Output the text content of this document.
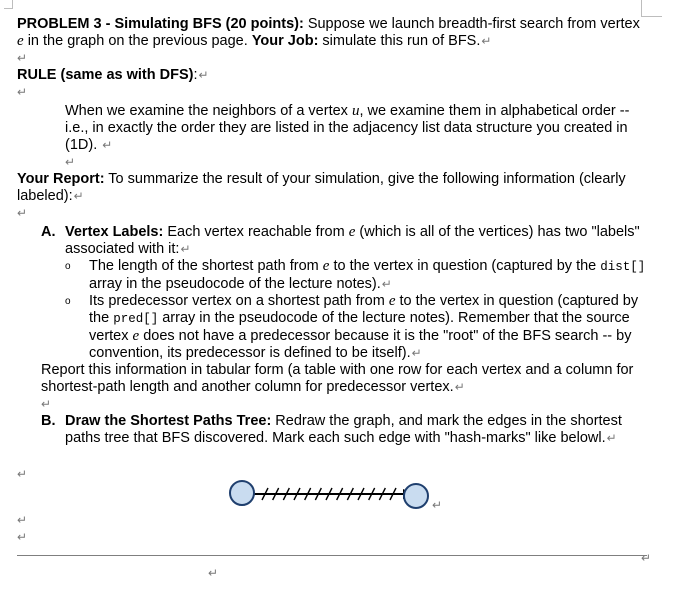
PROBLEM 3 - Simulating BFS (20 points): Suppose we launch breadth-first search from vertex e in the graph on the previous page. Your Job: simulate this run of BFS.↵

↵

RULE (same as with DFS):↵

↵

When we examine the neighbors of a vertex u, we examine them in alphabetical order -- i.e., in exactly the order they are listed in the adjacency list data structure you created in (1D). ↵

↵

Your Report: To summarize the result of your simulation, give the following information (clearly labeled):↵

↵

A. Vertex Labels: Each vertex reachable from e (which is all of the vertices) has two "labels" associated with it:↵
o	The length of the shortest path from e to the vertex in question (captured by the dist[] array in the pseudocode of the lecture notes).↵
o	Its predecessor vertex on a shortest path from e to the vertex in question (captured by the pred[] array in the pseudocode of the lecture notes). Remember that the source vertex e does not have a predecessor because it is the "root" of the BFS search -- by convention, its predecessor is defined to be itself).↵

Report this information in tabular form (a table with one row for each vertex and a column for shortest-path length and another column for predecessor vertex.↵

↵

B. Draw the Shortest Paths Tree: Redraw the graph, and mark the edges in the shortest paths tree that BFS discovered. Mark each such edge with "hash-marks" like belowl.↵
↵
↵
↵
↵
↵
↵
